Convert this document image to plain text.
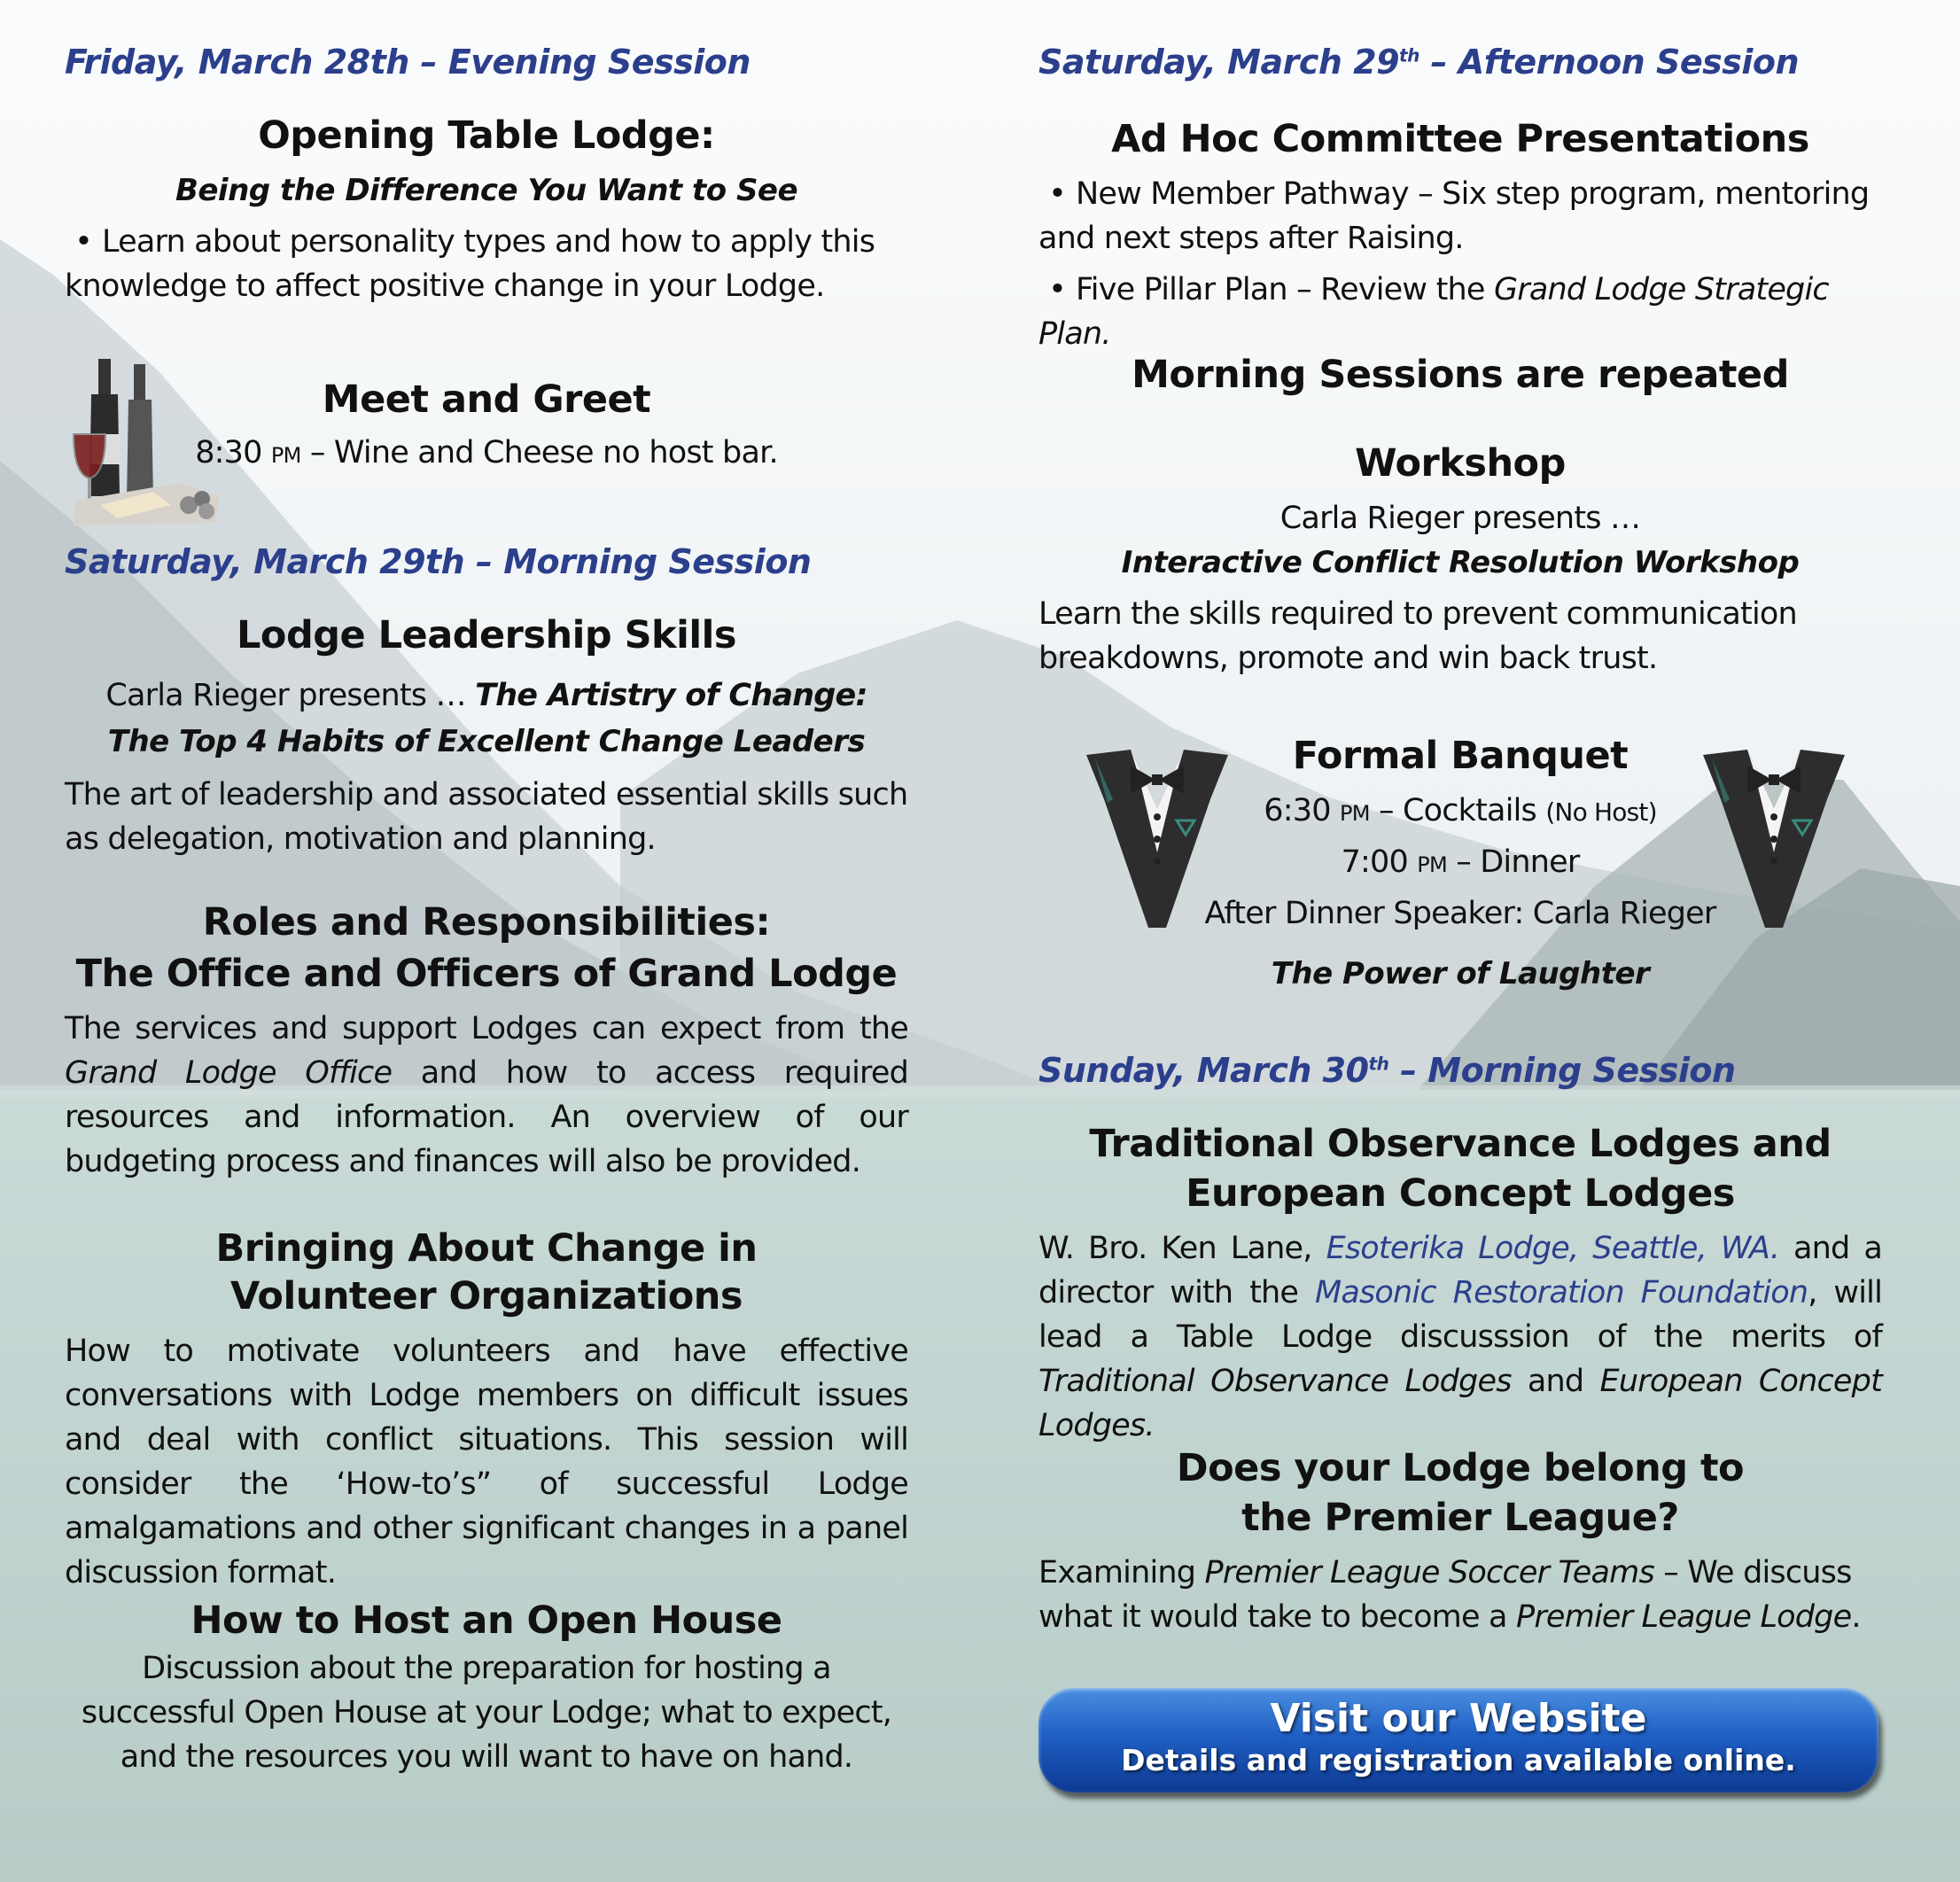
Friday, March 28th – Evening Session
Opening Table Lodge:
Being the Difference You Want to See
• Learn about personality types and how to apply this knowledge to affect positive change in your Lodge.
Meet and Greet
8:30 PM – Wine and Cheese no host bar.
Saturday, March 29th – Morning Session
Lodge Leadership Skills
Carla Rieger presents … The Artistry of Change:
The Top 4 Habits of Excellent Change Leaders
The art of leadership and associated essential skills such as delegation, motivation and planning.
Roles and Responsibilities:
The Office and Officers of Grand Lodge
The services and support Lodges can expect from the Grand Lodge Office and how to access required resources and information. An overview of our budgeting process and finances will also be provided.
Bringing About Change in
Volunteer Organizations
How to motivate volunteers and have effective conversations with Lodge members on difficult issues and deal with conflict situations. This session will consider the ‘How-to’s” of successful Lodge amalgamations and other significant changes in a panel discussion format.
How to Host an Open House
Discussion about the preparation for hosting a successful Open House at your Lodge; what to expect, and the resources you will want to have on hand.
Saturday, March 29th – Afternoon Session
Ad Hoc Committee Presentations
• New Member Pathway – Six step program, mentoring and next steps after Raising.
• Five Pillar Plan – Review the Grand Lodge Strategic Plan.
Morning Sessions are repeated
Workshop
Carla Rieger presents …
Interactive Conflict Resolution Workshop
Learn the skills required to prevent communication breakdowns, promote and win back trust.
Formal Banquet
6:30 PM – Cocktails (No Host)
7:00 PM – Dinner
After Dinner Speaker: Carla Rieger
The Power of Laughter
Sunday, March 30th – Morning Session
Traditional Observance Lodges and
European Concept Lodges
W. Bro. Ken Lane, Esoterika Lodge, Seattle, WA. and a director with the Masonic Restoration Foundation, will lead a Table Lodge discusssion of the merits of Traditional Observance Lodges and European Concept Lodges.
Does your Lodge belong to
the Premier League?
Examining Premier League Soccer Teams – We discuss what it would take to become a Premier League Lodge.
Visit our Website
Details and registration available online.
